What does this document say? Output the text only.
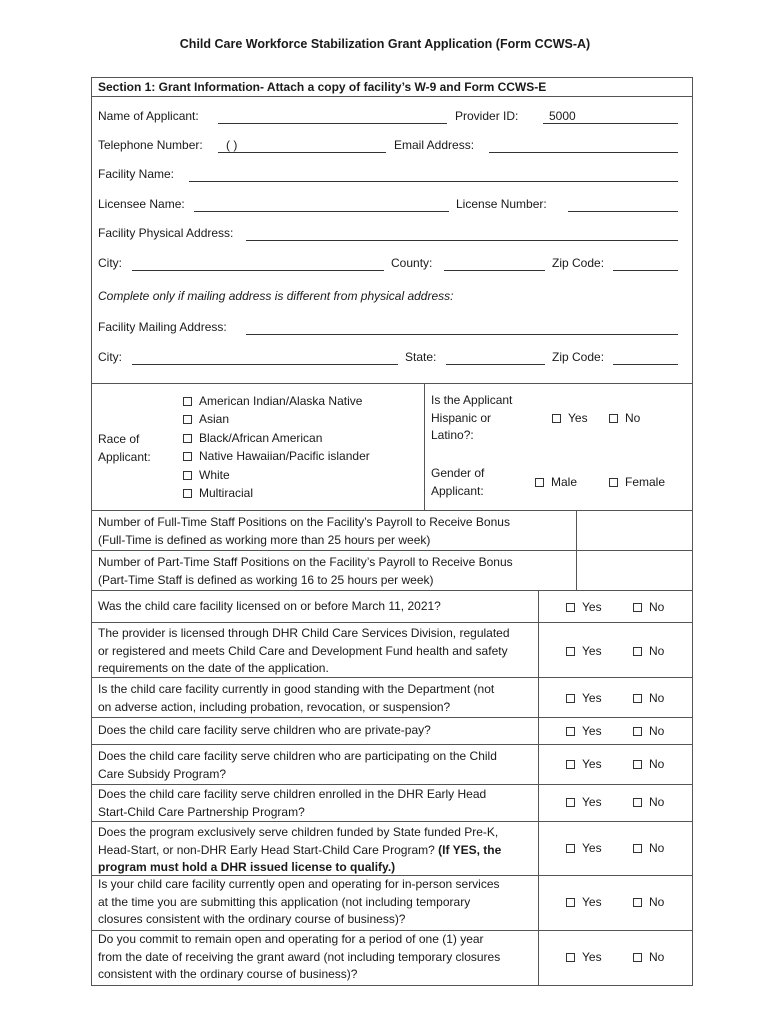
Child Care Workforce Stabilization Grant Application (Form CCWS-A)
Section 1: Grant Information- Attach a copy of facility’s W-9 and Form CCWS-E
Name of Applicant:	Provider ID:	5000
Telephone Number: ( )	Email Address:
Facility Name:
Licensee Name:	License Number:
Facility Physical Address:
City:	County:	Zip Code:
Complete only if mailing address is different from physical address:
Facility Mailing Address:
City:	State:	Zip Code:
Race of
Applicant:
American Indian/Alaska Native
Asian
Black/African American
Native Hawaiian/Pacific islander
White
Multiracial
Is the Applicant
Hispanic or
Latino?:
Yes	No
Gender of
Applicant:
Male	Female
Number of Full-Time Staff Positions on the Facility’s Payroll to Receive Bonus
(Full-Time is defined as working more than 25 hours per week)
Number of Part-Time Staff Positions on the Facility’s Payroll to Receive Bonus
(Part-Time Staff is defined as working 16 to 25 hours per week)
Was the child care facility licensed on or before March 11, 2021?	Yes	No
The provider is licensed through DHR Child Care Services Division, regulated
or registered and meets Child Care and Development Fund health and safety
requirements on the date of the application.
Yes	No
Is the child care facility currently in good standing with the Department (not
on adverse action, including probation, revocation, or suspension?
Yes	No
Does the child care facility serve children who are private-pay?	Yes	No
Does the child care facility serve children who are participating on the Child
Care Subsidy Program?
Yes	No
Does the child care facility serve children enrolled in the DHR Early Head
Start-Child Care Partnership Program?
Yes	No
Does the program exclusively serve children funded by State funded Pre-K,
Head-Start, or non-DHR Early Head Start-Child Care Program? (If YES, the
program must hold a DHR issued license to qualify.)
Yes	No
Is your child care facility currently open and operating for in-person services
at the time you are submitting this application (not including temporary
closures consistent with the ordinary course of business)?
Yes	No
Do you commit to remain open and operating for a period of one (1) year
from the date of receiving the grant award (not including temporary closures
consistent with the ordinary course of business)?
Yes	No
